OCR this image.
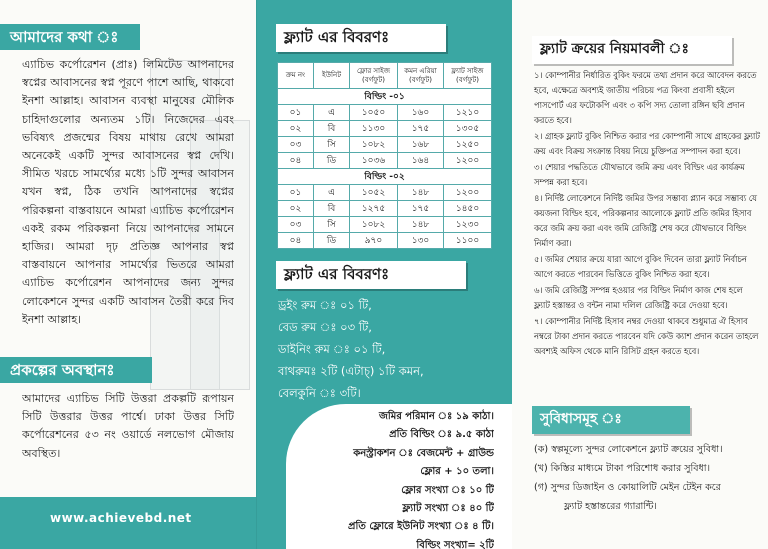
আমাদের কথা ঃ
এ্যাচিভ কর্পোরেশন (প্রাঃ) লিমিটেড আপনাদের স্বপ্নের আবাসনের স্বপ্ন পূরণে পাশে আছি, থাকবো ইনশা আল্লাহ। আবাসন ব্যবস্থা মানুষের মৌলিক চাহিদাগুলোর অন্যতম ১টি। নিজেদের এবং ভবিষ্যৎ প্রজন্মের বিষয় মাথায় রেখে আমরা অনেকেই একটি সুন্দর আবাসনের স্বপ্ন দেখি। সীমিত খরচে সামর্থ্যের মধ্যে ১টি সুন্দর আবাসন যখন স্বপ্ন, ঠিক তখনি আপনাদের স্বপ্নের পরিকল্পনা বাস্তবায়নে আমরা এ্যাচিভ কর্পোরেশন একই রকম পরিকল্পনা নিয়ে আপনাদের সামনে হাজির। আমরা দৃঢ় প্রতিজ্ঞ আপনার স্বপ্ন বাস্তবায়নে আপনার সামর্থ্যের ভিতরে আমরা এ্যাচিভ কর্পোরেশন আপনাদের জন্য সুন্দর লোকেশনে সুন্দর একটি আবাসন তৈরী করে দিব ইনশা আল্লাহ।
প্রকল্পের অবস্থানঃ
আমাদের এ্যাচিভ সিটি উত্তরা প্রকল্পটি রূপায়ন সিটি উত্তরার উত্তর পার্শ্বে। ঢাকা উত্তর সিটি কর্পোরেশনের ৫৩ নং ওয়ার্ডে নলভোগ মৌজায় অবস্থিত।
www.achievebd.net
ফ্ল্যাট এর বিবরণঃ
ক্রম নং	ইউনিট	ফ্লোর সাইজ (বর্গফুট)	কমন এরিয়া (বর্গফুট)	ফ্ল্যাট সাইজ (বর্গফুট)
বিল্ডিং -০১				
০১	এ	১০৫০	১৬০	১২১০
০২	বি	১১৩০	১৭৫	১৩০৫
০৩	সি	১০৮২	১৬৮	১২৫০
০৪	ডি	১০৩৬	১৬৪	১২০০
বিল্ডিং -০২				
০১	এ	১০৫২	১৪৮	১২০০
০২	বি	১২৭৫	১৭৫	১৪৫০
০৩	সি	১০৮২	১৪৮	১২৩০
০৪	ডি	৯৭০	১৩০	১১০০
ফ্ল্যাট এর বিবরণঃ
ড্রইং রুম ঃ ০১ টি,
বেড রুম ঃ ০৩ টি,
ডাইনিং রুম ঃ ০১ টি,
বাথরুমঃ ২টি (এটাচ্‌) ১টি কমন,
বেলকুনি ঃ ৩টি।
জমির পরিমান ঃ ১৯ কাঠা।
প্রতি বিল্ডিং ঃ ৯.৫ কাঠা
কনস্ট্রাকশন ঃ বেজমেন্ট + গ্রাউন্ড
ফ্লোর + ১০ তলা।
ফ্লোর সংখ্যা ঃ ১০ টি
ফ্ল্যাট সংখ্যা ঃ ৪০ টি
প্রতি ফ্লোরে ইউনিট সংখ্যা ঃ ৪ টি।
বিল্ডিং সংখ্যা= ২টি
ফ্ল্যাট ক্রয়ের নিয়মাবলী ঃ

১। কোম্পানীর নির্ধারিত বুকিং ফরমে তথ্য প্রদান করে আবেদন করতে হবে, এক্ষেত্রে অবশ্যই জাতীয় পরিচয় পত্র কিংবা প্রবাসী হইলে পাসপোর্ট এর ফটোকপি এবং ৩ কপি সদ্য তোলা রঙ্গিন ছবি প্রদান করতে হবে।

২। গ্রাহক ফ্ল্যাট বুকিং নিশ্চিত করার পর কোম্পানী সাথে গ্রাহকের ফ্ল্যাট ক্রয় এবং বিক্রয় সংক্রান্ত বিষয় নিয়ে চুক্তিপত্র সম্পাদন করা হবে।

৩। শেয়ার পদ্ধতিতে যৌথভাবে জমি ক্রয় এবং বিল্ডিং এর কার্যক্রম সম্পন্ন করা হবে।

৪। নির্দিষ্ট লোকেশনে নির্দিষ্ট জমির উপর সম্ভাব্য প্ল্যান করে সম্ভাব্য যে কয়জনা বিল্ডিং হবে, পরিকল্পনার আলোকে ফ্ল্যাট প্রতি জমির হিসাব করে জমি ক্রয় করা এবং জমি রেজিষ্ট্রি শেষ করে যৌথভাবে বিল্ডিং নির্মাণ করা।

৫। জমির শেয়ার ক্রয়ে যারা আগে বুকিং দিবেন তারা ফ্ল্যাট নির্বাচন আগে করতে পারবেন ভিত্তিতে বুকিং নিশ্চিত করা হবে।

৬। জমি রেজিষ্ট্রি সম্পন্ন হওয়ার পর বিল্ডিং নির্মাণ কাজ শেষ হলে ফ্ল্যাট হস্তান্তর ও বন্টন নামা দলিল রেজিষ্ট্রি করে দেওয়া হবে।

৭। কোম্পানীর নির্দিষ্ট হিসাব নম্বর দেওয়া থাকবে শুধুমাত্র ঐ হিসাব নম্বরে টাকা প্রদান করতে পারবেন যদি কেউ ক্যাশ প্রদান করেন তাহলে অবশ্যই অফিস থেকে মানি রিসিট গ্রহন করতে হবে।

সুবিধাসমূহ ঃ
(ক) স্বল্পমূল্যে সুন্দর লোকেশনে ফ্ল্যাট ক্রয়ের সুবিধা।
(খ) কিস্তির মাধ্যমে টাকা পরিশোধ করার সুবিধা।
(গ) সুন্দর ডিজাইন ও কোয়ালিটি মেইন টেইন করে
ফ্ল্যাট হস্তান্তরের গ্যারান্টি।
